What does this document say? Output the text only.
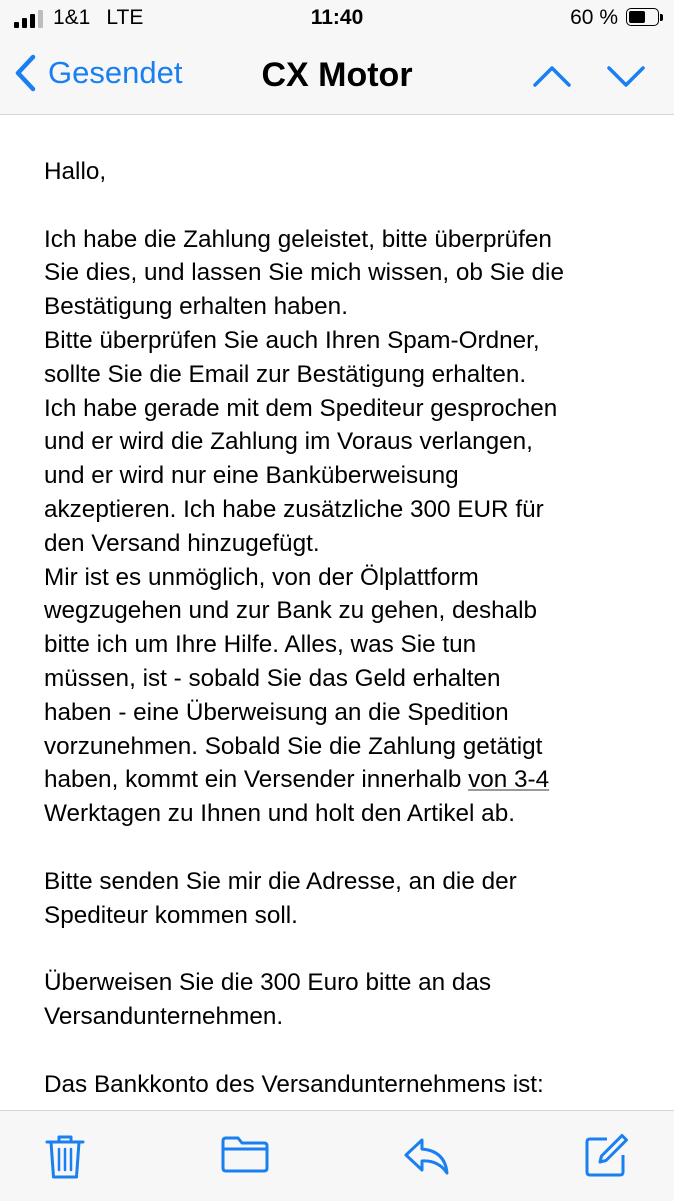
1&1 LTE	11:40	60 %
Gesendet	CX Motor

Hallo,

Ich habe die Zahlung geleistet, bitte überprüfen
Sie dies, und lassen Sie mich wissen, ob Sie die
Bestätigung erhalten haben.
Bitte überprüfen Sie auch Ihren Spam-Ordner,
sollte Sie die Email zur Bestätigung erhalten.
Ich habe gerade mit dem Spediteur gesprochen
und er wird die Zahlung im Voraus verlangen,
und er wird nur eine Banküberweisung
akzeptieren. Ich habe zusätzliche 300 EUR für
den Versand hinzugefügt.
Mir ist es unmöglich, von der Ölplattform
wegzugehen und zur Bank zu gehen, deshalb
bitte ich um Ihre Hilfe. Alles, was Sie tun
müssen, ist - sobald Sie das Geld erhalten
haben - eine Überweisung an die Spedition
vorzunehmen. Sobald Sie die Zahlung getätigt
haben, kommt ein Versender innerhalb von 3-4
Werktagen zu Ihnen und holt den Artikel ab.

Bitte senden Sie mir die Adresse, an die der
Spediteur kommen soll.

Überweisen Sie die 300 Euro bitte an das
Versandunternehmen.

Das Bankkonto des Versandunternehmens ist:
